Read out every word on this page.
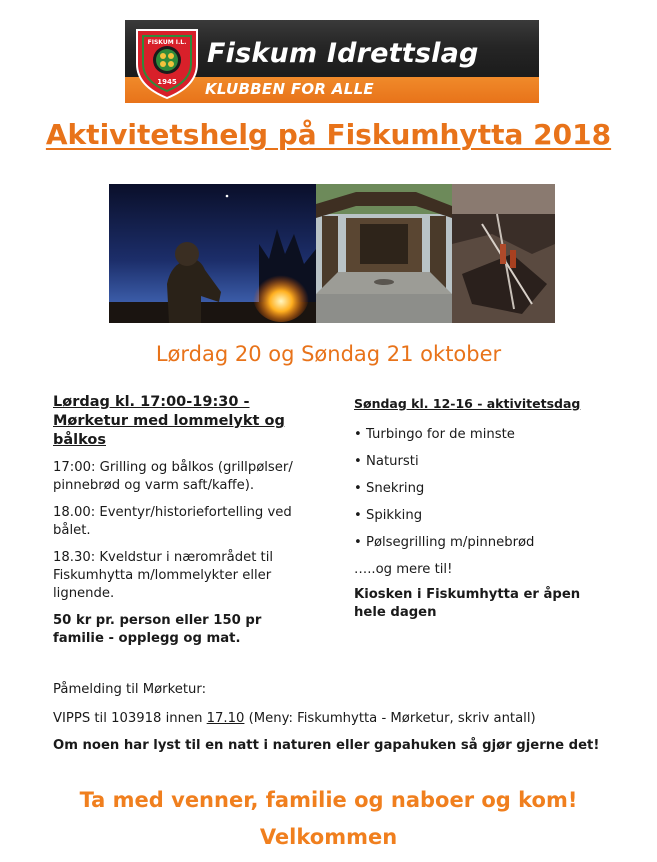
FISKUM I.L.
1945
Fiskum Idrettslag
KLUBBEN FOR ALLE
Aktivitetshelg på Fiskumhytta 2018
Lørdag 20 og Søndag 21 oktober
Lørdag kl. 17:00-19:30 - Mørketur med lommelykt og bålkos

17:00: Grilling og bålkos (grillpølser/ pinnebrød og varm saft/kaffe).

18.00: Eventyr/historiefortelling ved bålet.

18.30: Kveldstur i nærområdet til Fiskumhytta m/lommelykter eller lignende.

50 kr pr. person eller 150 pr familie - opplegg og mat.

Søndag kl. 12-16 - aktivitetsdag
• Turbingo for de minste
• Natursti
• Snekring
• Spikking
• Pølsegrilling m/pinnebrød

…..og mere til!

Kiosken i Fiskumhytta er åpen hele dagen

Påmelding til Mørketur:

VIPPS til 103918 innen 17.10 (Meny: Fiskumhytta - Mørketur, skriv antall)

Om noen har lyst til en natt i naturen eller gapahuken så gjør gjerne det!

Ta med venner, familie og naboer og kom!
Velkommen
